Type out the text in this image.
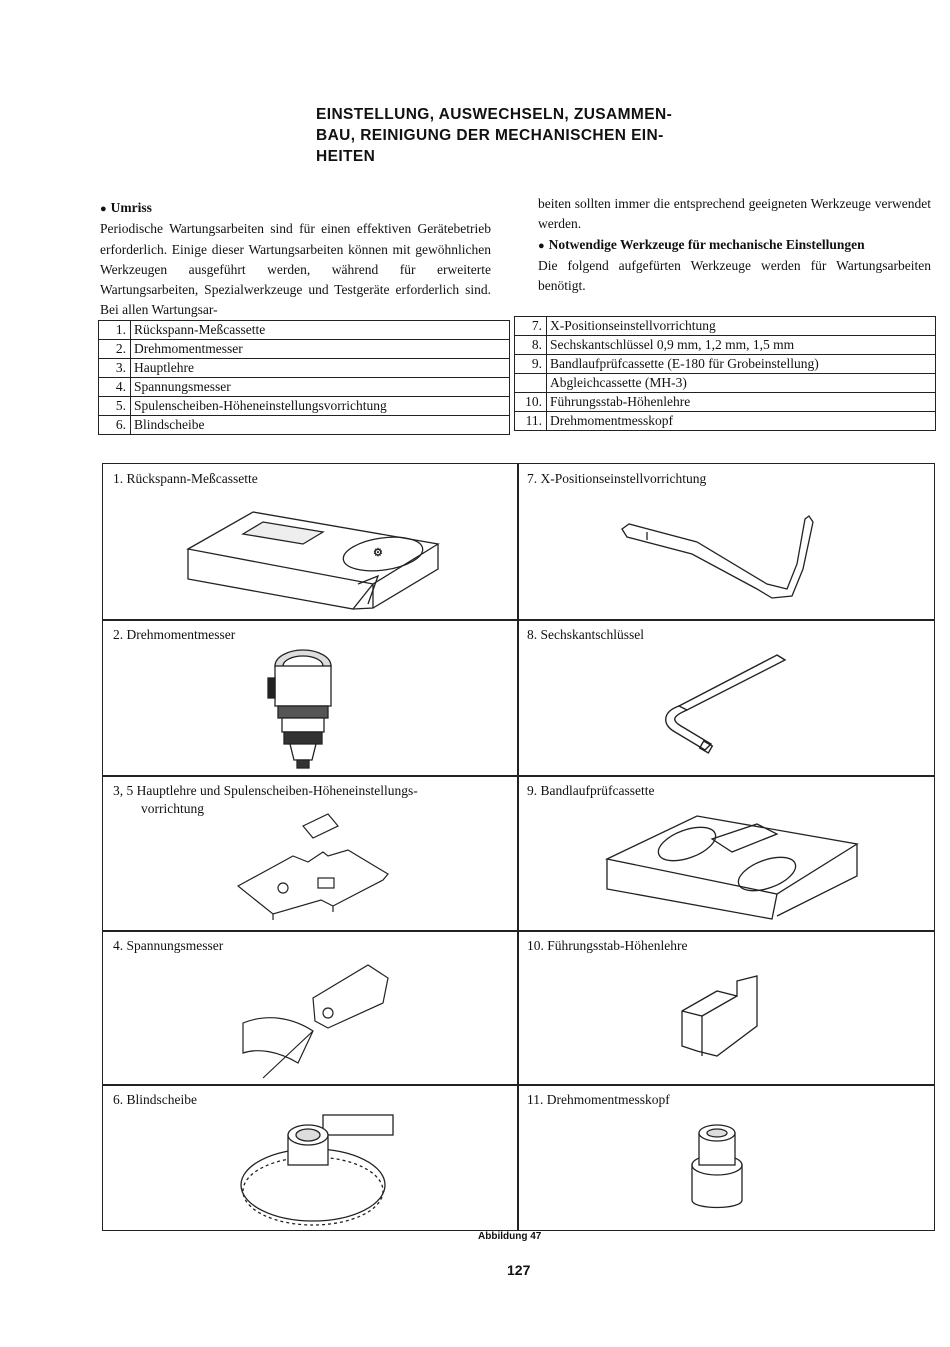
EINSTELLUNG, AUSWECHSELN, ZUSAMMEN-
BAU, REINIGUNG DER MECHANISCHEN EIN-
HEITEN

● Umriss

Periodische Wartungsarbeiten sind für einen effektiven Gerätebetrieb erforderlich. Einige dieser Wartungsarbeiten können mit gewöhnlichen Werkzeugen ausgeführt werden, während für erweiterte Wartungsarbeiten, Spezialwerkzeuge und Testgeräte erforderlich sind. Bei allen Wartungsar-

beiten sollten immer die entsprechend geeigneten Werkzeuge verwendet werden.

● Notwendige Werkzeuge für mechanische Einstellungen

Die folgend aufgefürten Werkzeuge werden für Wartungsarbeiten benötigt.

1.	Rückspann-Meßcassette
2.	Drehmomentmesser
3.	Hauptlehre
4.	Spannungsmesser
5.	Spulenscheiben-Höheneinstellungsvorrichtung
6.	Blindscheibe
7.	X-Positionseinstellvorrichtung
8.	Sechskantschlüssel 0,9 mm, 1,2 mm, 1,5 mm
9.	Bandlaufprüfcassette (E-180 für Grobeinstellung)
	Abgleichcassette (MH-3)
10.	Führungsstab-Höhenlehre
11.	Drehmomentmesskopf
1. Rückspann-Meßcassette
⚙
7. X-Positionseinstellvorrichtung
2. Drehmomentmesser	8. Sechskantschlüssel
3, 5 Hauptlehre und Spulenscheiben-Höheneinstellungs-
vorrichtung
9. Bandlaufprüfcassette
4. Spannungsmesser	10. Führungsstab-Höhenlehre
6. Blindscheibe	11. Drehmomentmesskopf
Abbildung 47
127
